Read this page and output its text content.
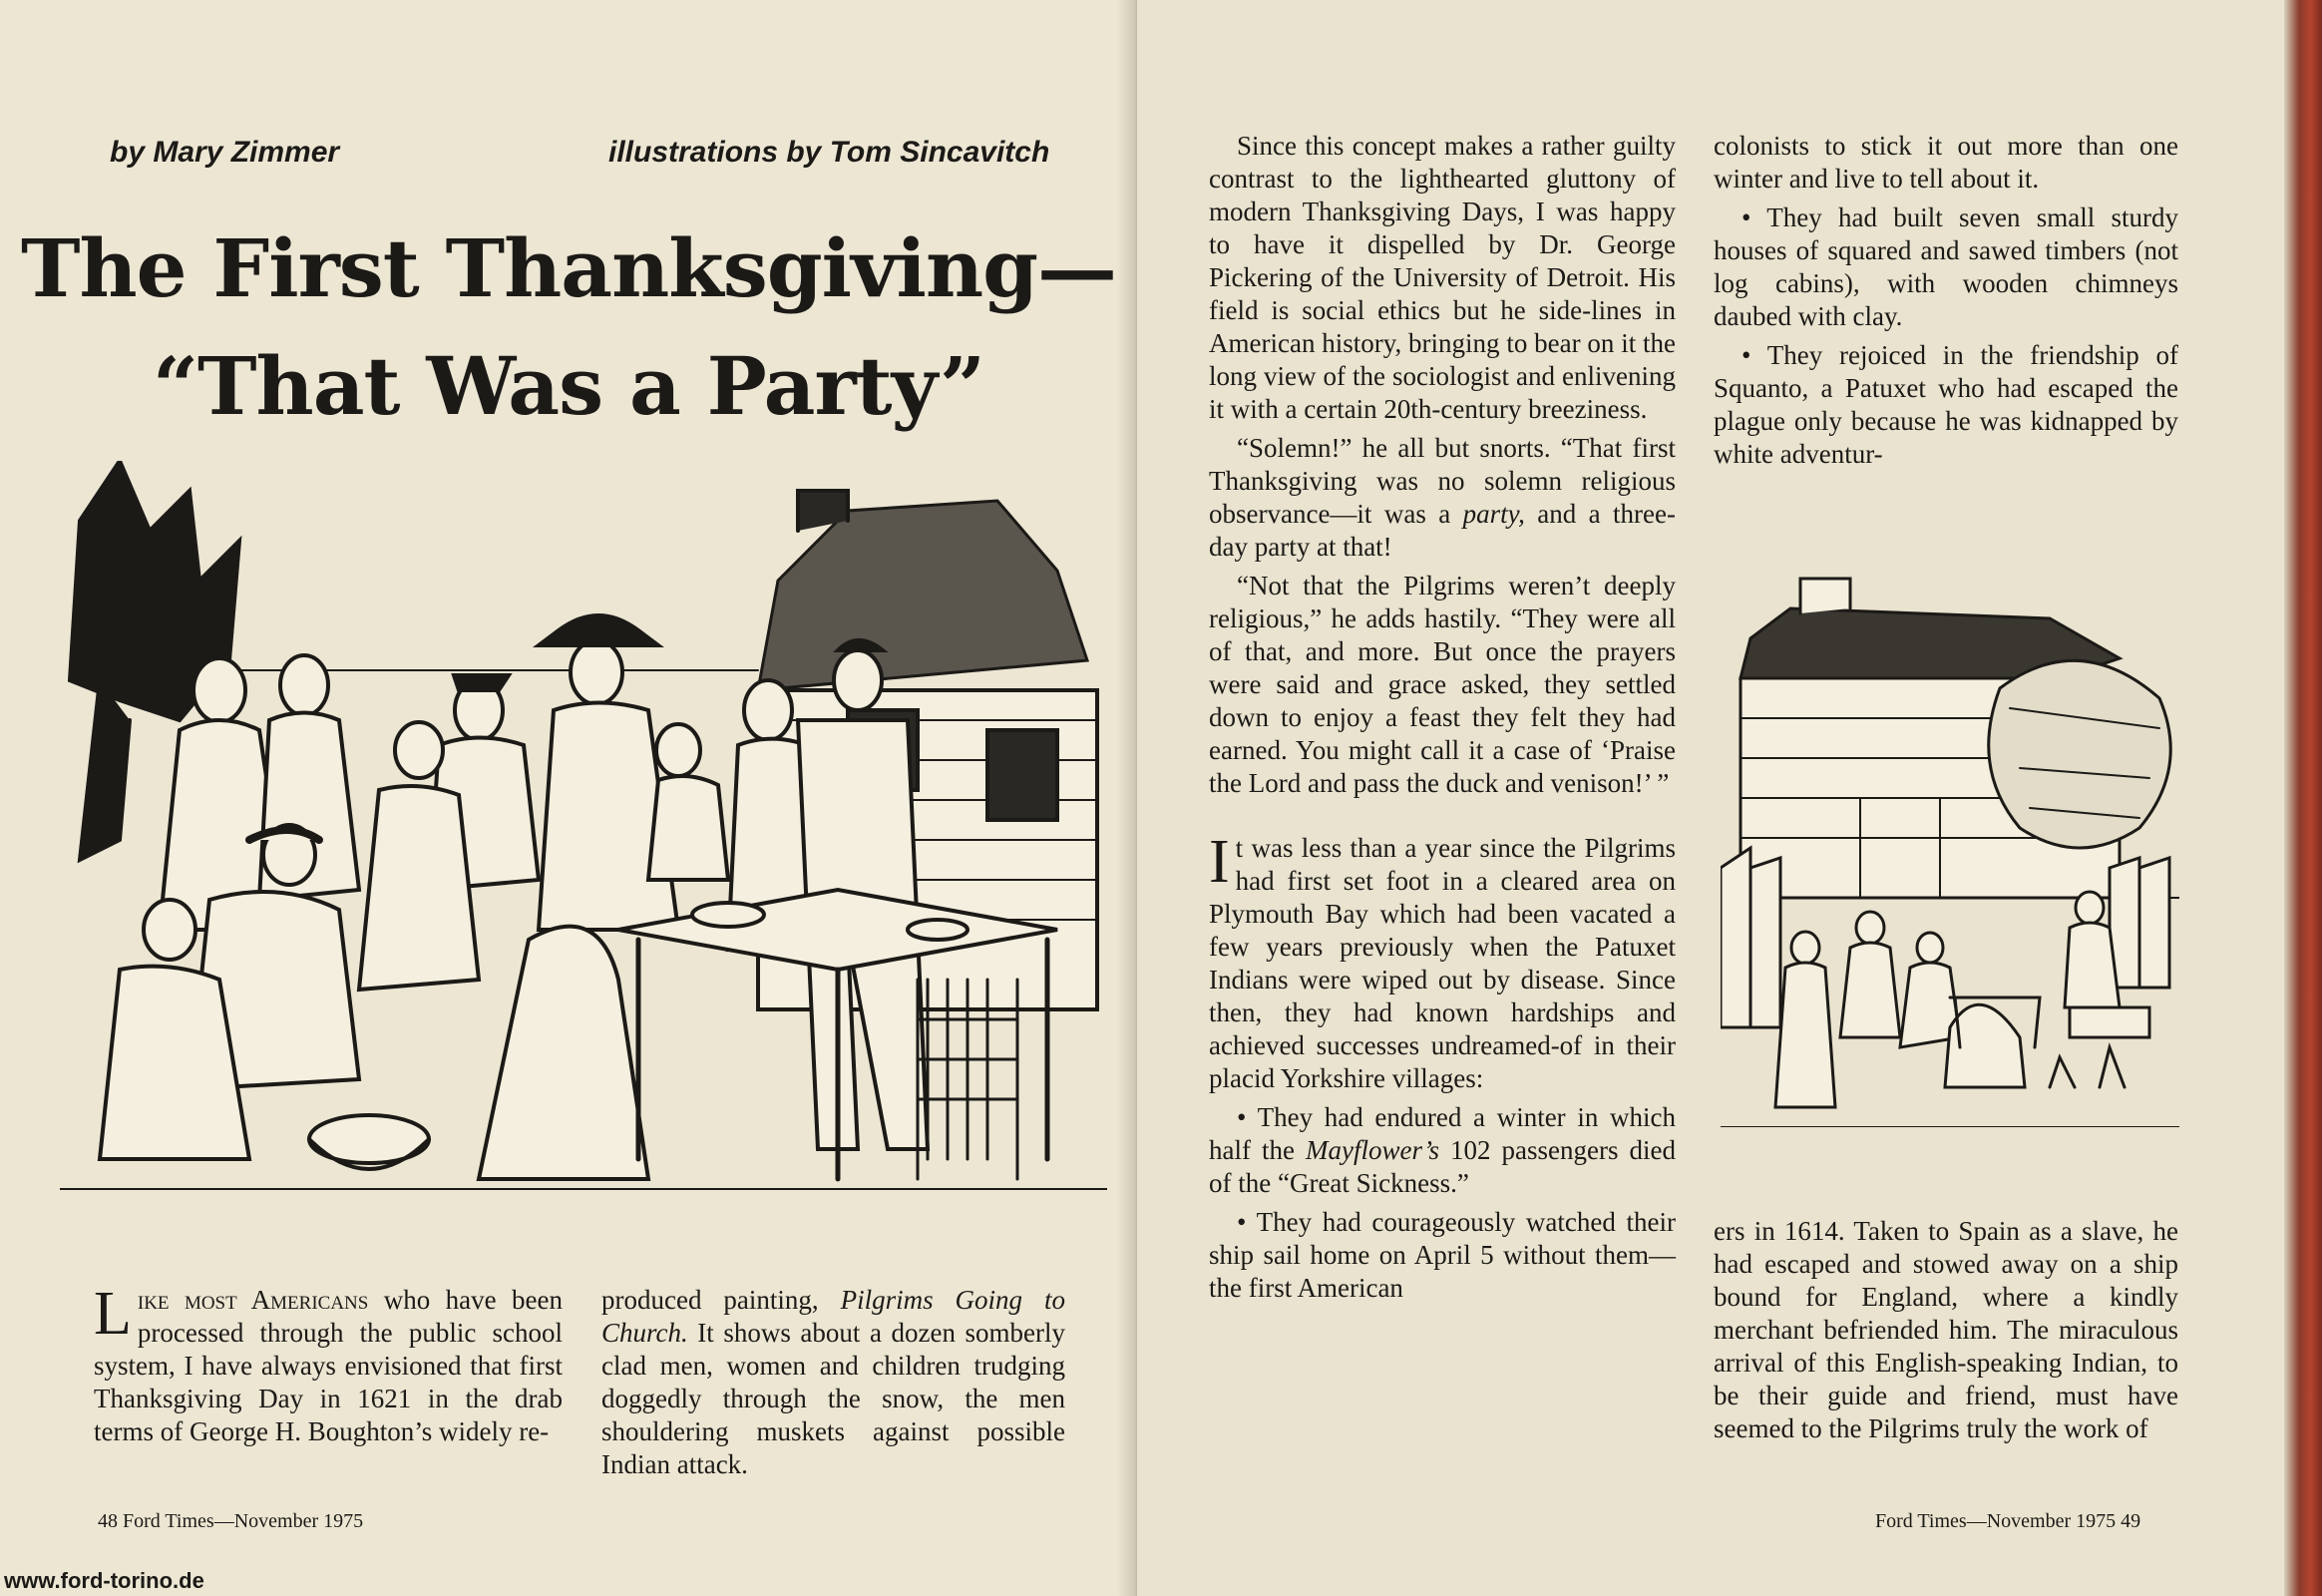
by Mary Zimmer	illustrations by Tom Sincavitch
The First Thanksgiving—
“That Was a Party”

Like most Americans who have been processed through the public school system, I have always envisioned that first Thanksgiving Day in 1621 in the drab terms of George H. Boughton’s widely re-

produced painting, Pilgrims Going to Church. It shows about a dozen somberly clad men, women and children trudging doggedly through the snow, the men shouldering muskets against possible Indian attack.

48 Ford Times—November 1975
www.ford-torino.de

Since this concept makes a rather guilty contrast to the lighthearted gluttony of modern Thanksgiving Days, I was happy to have it dispelled by Dr. George Pickering of the University of Detroit. His field is social ethics but he side-lines in American history, bringing to bear on it the long view of the sociologist and enlivening it with a certain 20th-century breeziness.

“Solemn!” he all but snorts. “That first Thanksgiving was no solemn religious observance—it was a party, and a three-day party at that!

“Not that the Pilgrims weren’t deeply religious,” he adds hastily. “They were all of that, and more. But once the prayers were said and grace asked, they settled down to enjoy a feast they felt they had earned. You might call it a case of ‘Praise the Lord and pass the duck and venison!’ ”

It was less than a year since the Pilgrims had first set foot in a cleared area on Plymouth Bay which had been vacated a few years previously when the Patuxet Indians were wiped out by disease. Since then, they had known hardships and achieved successes undreamed-of in their placid Yorkshire villages:

• They had endured a winter in which half the Mayflower’s 102 passengers died of the “Great Sickness.”

• They had courageously watched their ship sail home on April 5 without them—the first American

colonists to stick it out more than one winter and live to tell about it.

• They had built seven small sturdy houses of squared and sawed timbers (not log cabins), with wooden chimneys daubed with clay.

• They rejoiced in the friendship of Squanto, a Patuxet who had escaped the plague only because he was kidnapped by white adventur-

ers in 1614. Taken to Spain as a slave, he had escaped and stowed away on a ship bound for England, where a kindly merchant befriended him. The miraculous arrival of this English-speaking Indian, to be their guide and friend, must have seemed to the Pilgrims truly the work of

Ford Times—November 1975 49
